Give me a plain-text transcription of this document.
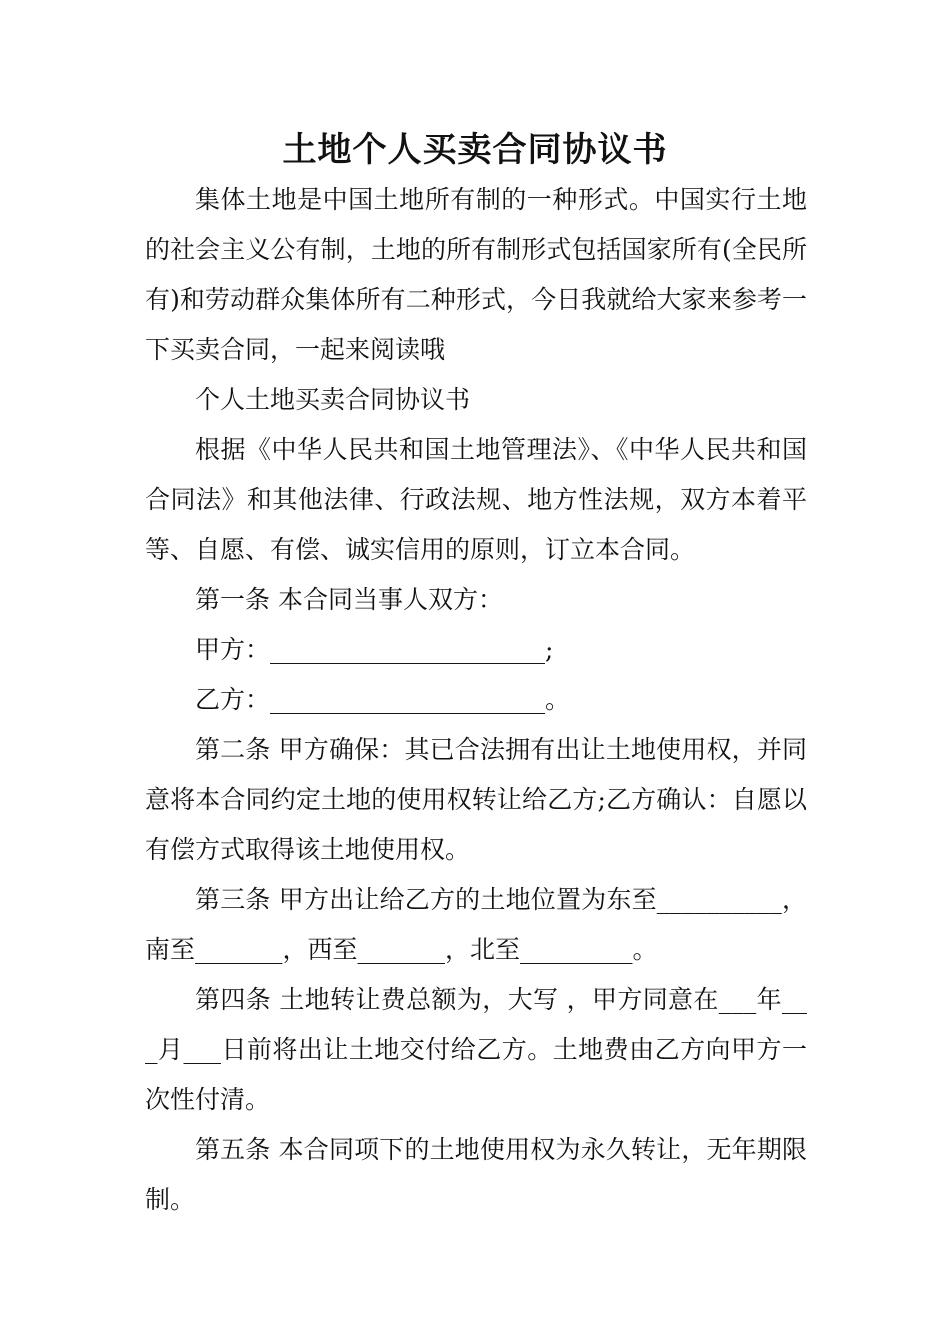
土地个人买卖合同协议书

集体土地是中国土地所有制的一种形式。中国实行土地的社会主义公有制，土地的所有制形式包括国家所有(全民所有)和劳动群众集体所有二种形式，今日我就给大家来参考一下买卖合同，一起来阅读哦

个人土地买卖合同协议书

根据《中华人民共和国土地管理法》、《中华人民共和国合同法》和其他法律、行政法规、地方性法规，双方本着平等、自愿、有偿、诚实信用的原则，订立本合同。

第一条 本合同当事人双方：

甲方：______________________;

乙方：______________________。

第二条 甲方确保：其已合法拥有出让土地使用权，并同意将本合同约定土地的使用权转让给乙方;乙方确认：自愿以有偿方式取得该土地使用权。

第三条 甲方出让给乙方的土地位置为东至__________，南至_______，西至_______，北至_________。

第四条 土地转让费总额为，大写 ，甲方同意在___年___月___日前将出让土地交付给乙方。土地费由乙方向甲方一次性付清。

第五条 本合同项下的土地使用权为永久转让，无年期限制。
